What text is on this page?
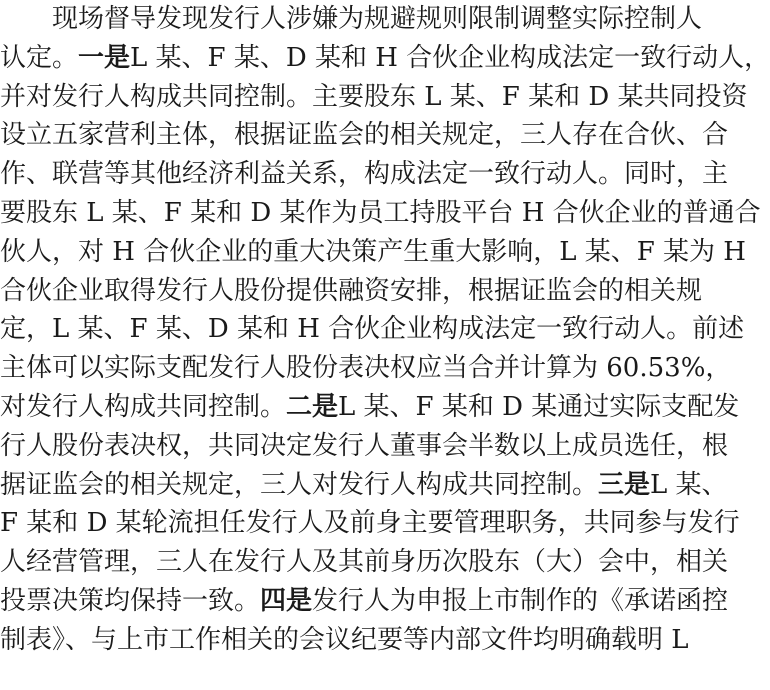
现场督导发现发行人涉嫌为规避规则限制调整实际控制人
认定。一是L 某、F 某、D 某和 H 合伙企业构成法定一致行动人，
并对发行人构成共同控制。主要股东 L 某、F 某和 D 某共同投资
设立五家营利主体，根据证监会的相关规定，三人存在合伙、合
作、联营等其他经济利益关系，构成法定一致行动人。同时，主
要股东 L 某、F 某和 D 某作为员工持股平台 H 合伙企业的普通合
伙人，对 H 合伙企业的重大决策产生重大影响，L 某、F 某为 H
合伙企业取得发行人股份提供融资安排，根据证监会的相关规
定，L 某、F 某、D 某和 H 合伙企业构成法定一致行动人。前述
主体可以实际支配发行人股份表决权应当合并计算为 60.53%，
对发行人构成共同控制。二是L 某、F 某和 D 某通过实际支配发
行人股份表决权，共同决定发行人董事会半数以上成员选任，根
据证监会的相关规定，三人对发行人构成共同控制。三是L 某、
F 某和 D 某轮流担任发行人及前身主要管理职务，共同参与发行
人经营管理，三人在发行人及其前身历次股东（大）会中，相关
投票决策均保持一致。四是发行人为申报上市制作的《承诺函控
制表》、与上市工作相关的会议纪要等内部文件均明确载明 L
